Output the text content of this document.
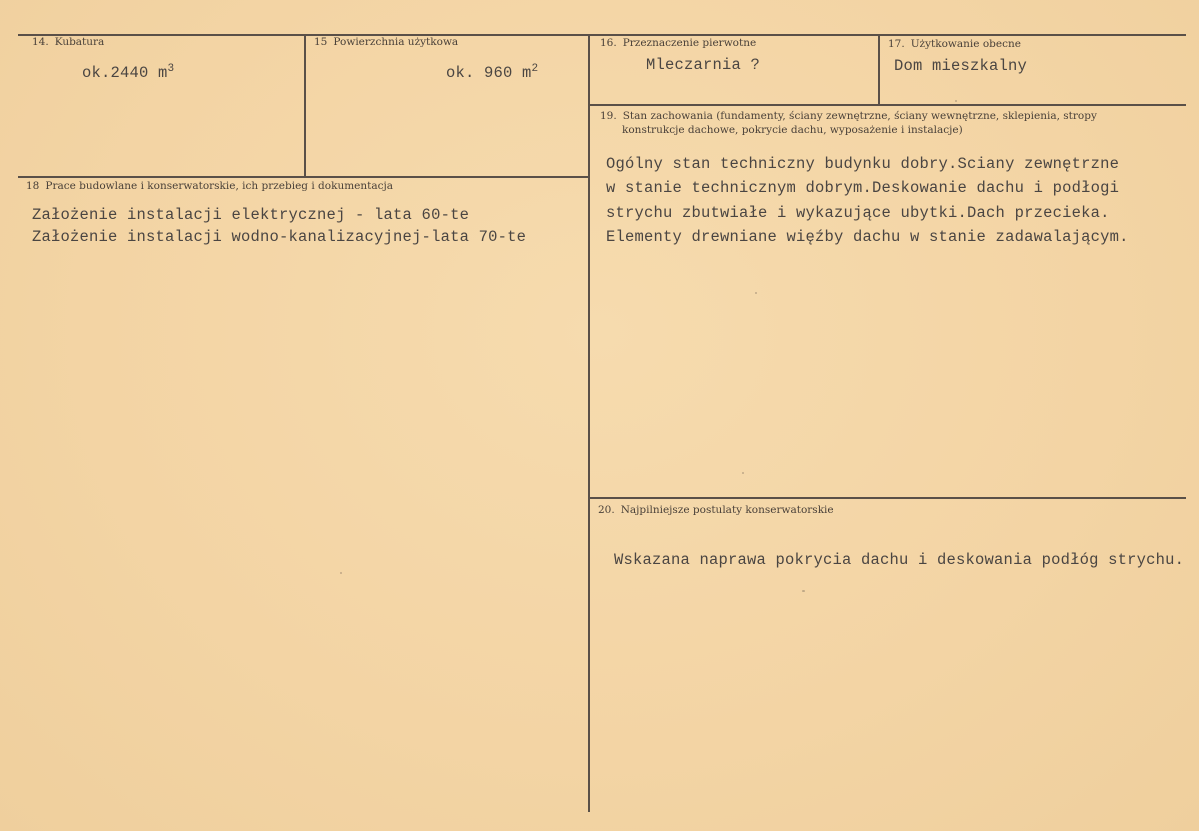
14. Kubatura
ok.2440 $m^3$
15 Powierzchnia użytkowa
ok. 960 $m^2$
16. Przeznaczenie pierwotne
Mleczarnia ?
17. Użytkowanie obecne
Dom mieszkalny
18 Prace budowlane i konserwatorskie, ich przebieg i dokumentacja
Założenie instalacji elektrycznej - lata 60-te
Założenie instalacji wodno-kanalizacyjnej-lata 70-te
19. Stan zachowania (fundamenty, ściany zewnętrzne, ściany wewnętrzne, sklepienia, stropy
konstrukcje dachowe, pokrycie dachu, wyposażenie i instalacje)
Ogólny stan techniczny budynku dobry.Sciany zewnętrzne
w stanie technicznym dobrym.Deskowanie dachu i podłogi
strychu zbutwiałe i wykazujące ubytki.Dach przecieka.
Elementy drewniane więźby dachu w stanie zadawalającym.
20. Najpilniejsze postulaty konserwatorskie
Wskazana naprawa pokrycia dachu i deskowania podłóg strychu.
